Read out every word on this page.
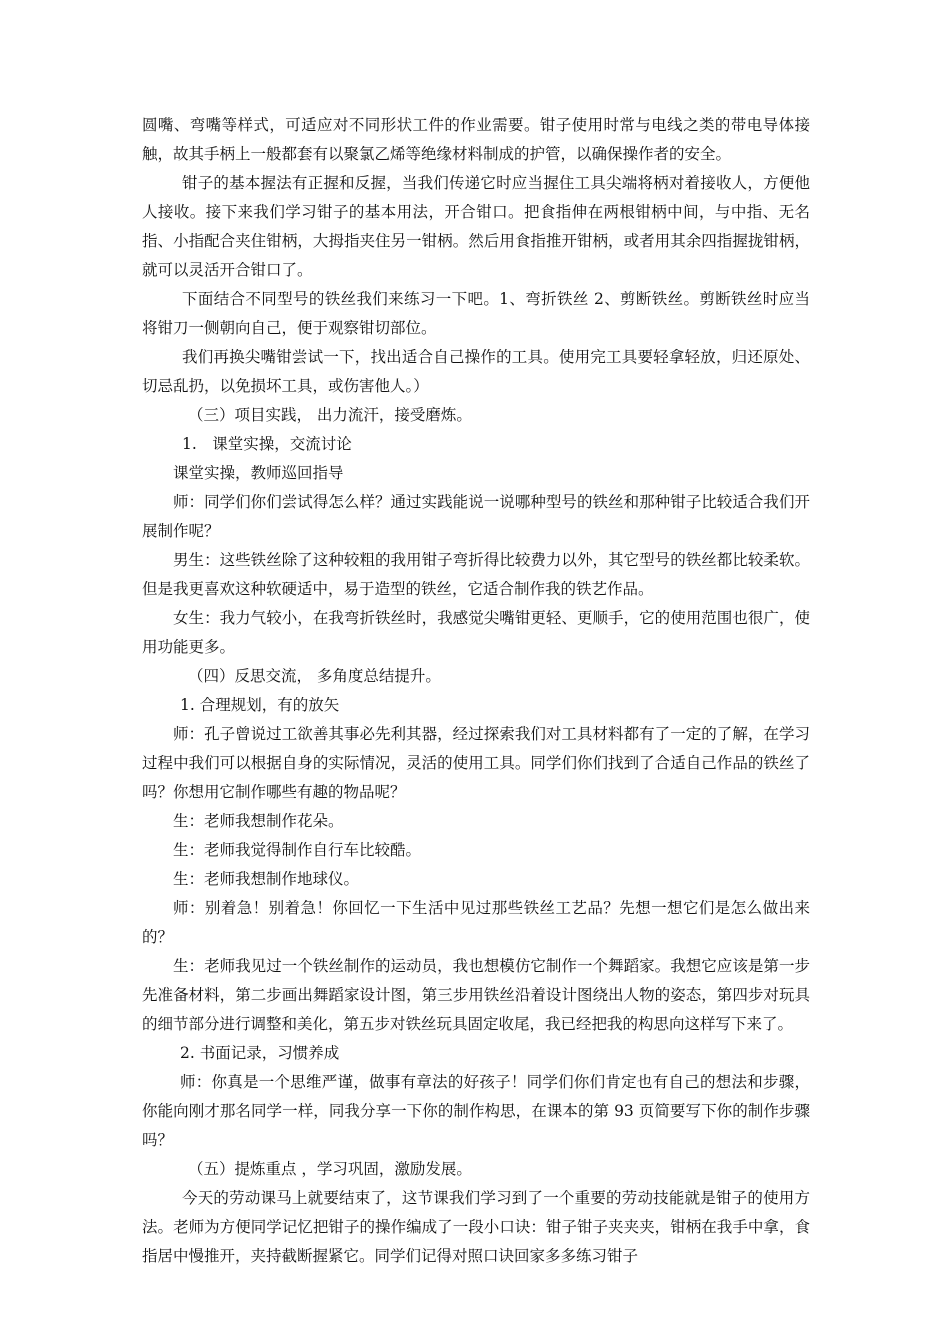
圆嘴、弯嘴等样式，可适应对不同形状工件的作业需要。钳子使用时常与电线之类的带电导体接触，故其手柄上一般都套有以聚氯乙烯等绝缘材料制成的护管，以确保操作者的安全。

钳子的基本握法有正握和反握，当我们传递它时应当握住工具尖端将柄对着接收人，方便他人接收。接下来我们学习钳子的基本用法，开合钳口。把食指伸在两根钳柄中间，与中指、无名指、小指配合夹住钳柄，大拇指夹住另一钳柄。然后用食指推开钳柄，或者用其余四指握拢钳柄，就可以灵活开合钳口了。

下面结合不同型号的铁丝我们来练习一下吧。1、弯折铁丝 2、剪断铁丝。剪断铁丝时应当将钳刀一侧朝向自己，便于观察钳切部位。

我们再换尖嘴钳尝试一下，找出适合自己操作的工具。使用完工具要轻拿轻放，归还原处、切忌乱扔，以免损坏工具，或伤害他人。）

（三）项目实践， 出力流汗，接受磨炼。

1.　课堂实操，交流讨论

课堂实操，教师巡回指导

师：同学们你们尝试得怎么样？通过实践能说一说哪种型号的铁丝和那种钳子比较适合我们开展制作呢？

男生：这些铁丝除了这种较粗的我用钳子弯折得比较费力以外，其它型号的铁丝都比较柔软。但是我更喜欢这种软硬适中，易于造型的铁丝，它适合制作我的铁艺作品。

女生：我力气较小，在我弯折铁丝时，我感觉尖嘴钳更轻、更顺手，它的使用范围也很广，使用功能更多。

（四）反思交流， 多角度总结提升。

1. 合理规划，有的放矢

师：孔子曾说过工欲善其事必先利其器，经过探索我们对工具材料都有了一定的了解，在学习过程中我们可以根据自身的实际情况，灵活的使用工具。同学们你们找到了合适自己作品的铁丝了吗？你想用它制作哪些有趣的物品呢？

生：老师我想制作花朵。

生：老师我觉得制作自行车比较酷。

生：老师我想制作地球仪。

师：别着急！别着急！你回忆一下生活中见过那些铁丝工艺品？先想一想它们是怎么做出来的？

生：老师我见过一个铁丝制作的运动员，我也想模仿它制作一个舞蹈家。我想它应该是第一步先准备材料，第二步画出舞蹈家设计图，第三步用铁丝沿着设计图绕出人物的姿态，第四步对玩具的细节部分进行调整和美化，第五步对铁丝玩具固定收尾，我已经把我的构思向这样写下来了。

2. 书面记录，习惯养成

师：你真是一个思维严谨，做事有章法的好孩子！同学们你们肯定也有自己的想法和步骤，你能向刚才那名同学一样，同我分享一下你的制作构思，在课本的第 93 页简要写下你的制作步骤吗？

（五）提炼重点 ，学习巩固，激励发展。

今天的劳动课马上就要结束了，这节课我们学习到了一个重要的劳动技能就是钳子的使用方法。老师为方便同学记忆把钳子的操作编成了一段小口诀：钳子钳子夹夹夹，钳柄在我手中拿，食指居中慢推开，夹持截断握紧它。同学们记得对照口诀回家多多练习钳子
